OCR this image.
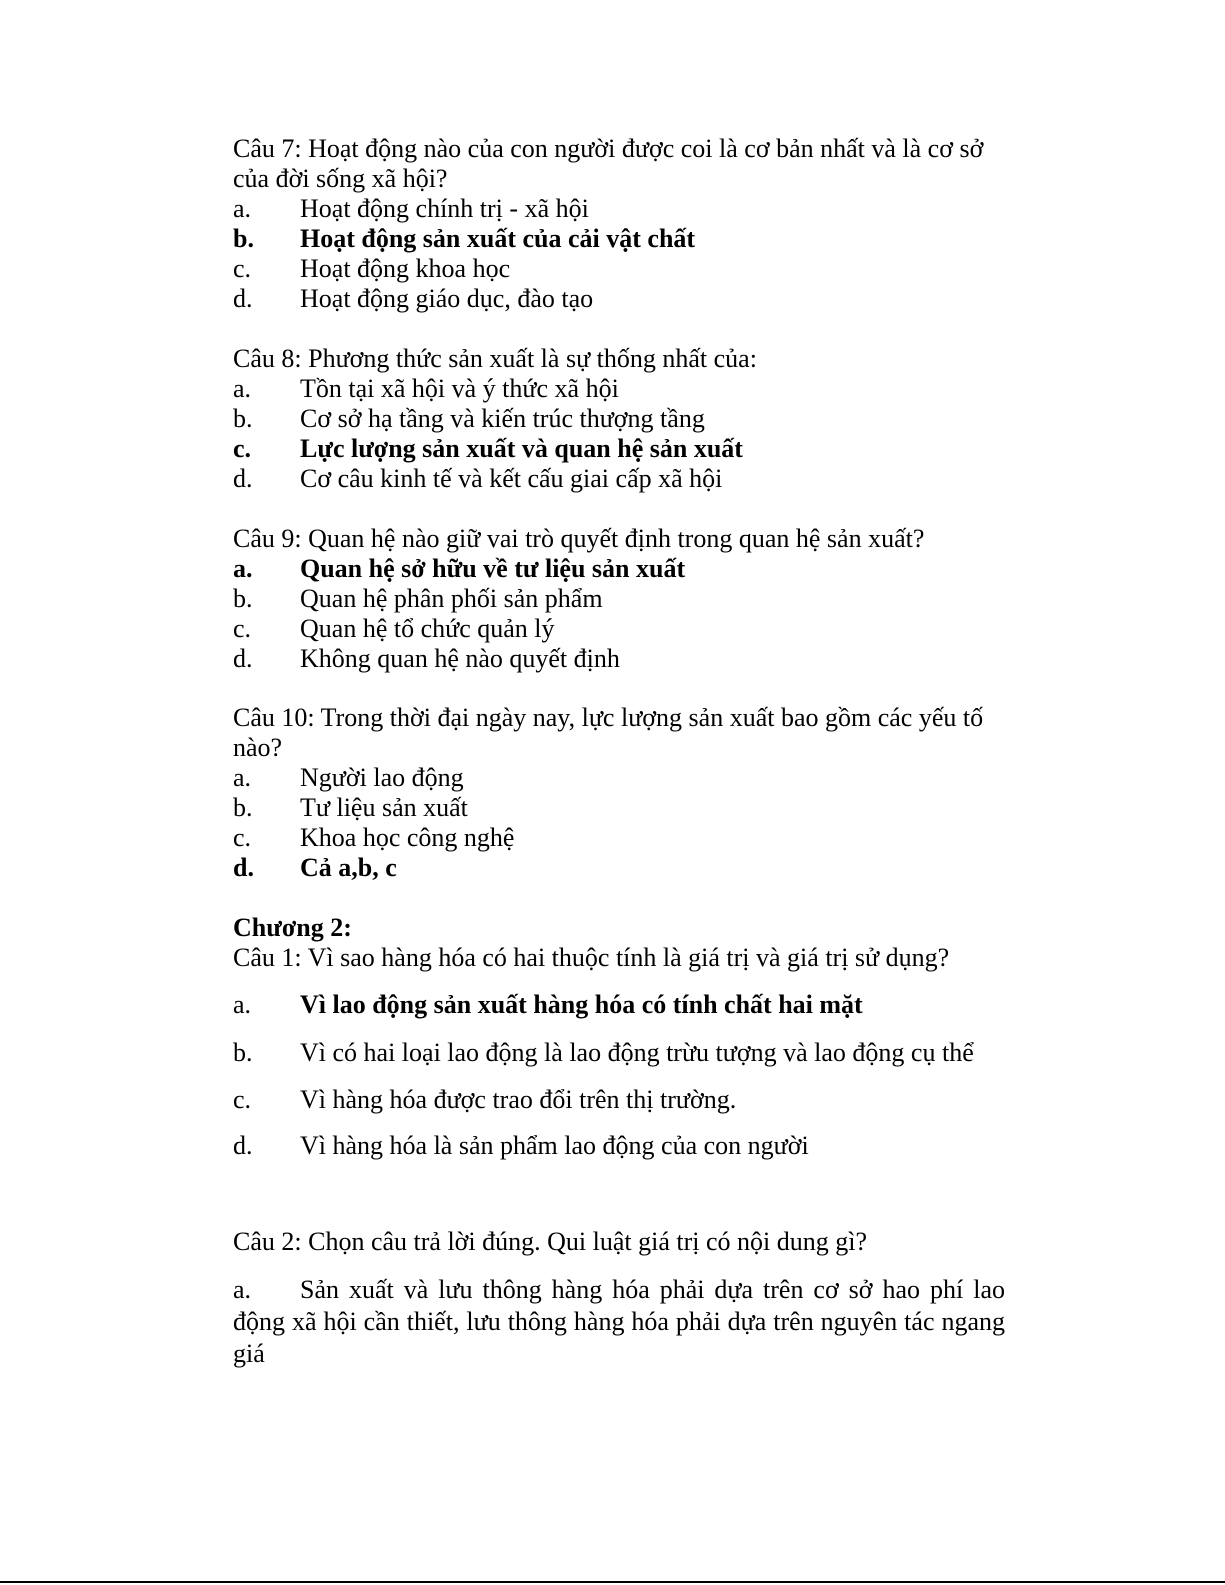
Câu 7: Hoạt động nào của con người được coi là cơ bản nhất và là cơ sở của đời sống xã hội?
a.	Hoạt động chính trị - xã hội
b.	Hoạt động sản xuất của cải vật chất
c.	Hoạt động khoa học
d.	Hoạt động giáo dục, đào tạo
Câu 8: Phương thức sản xuất là sự thống nhất của:
a.	Tồn tại xã hội và ý thức xã hội
b.	Cơ sở hạ tầng và kiến trúc thượng tầng
c.	Lực lượng sản xuất và quan hệ sản xuất
d.	Cơ câu kinh tế và kết cấu giai cấp xã hội
Câu 9: Quan hệ nào giữ vai trò quyết định trong quan hệ sản xuất?
a.	Quan hệ sở hữu về tư liệu sản xuất
b.	Quan hệ phân phối sản phẩm
c.	Quan hệ tổ chức quản lý
d.	Không quan hệ nào quyết định
Câu 10: Trong thời đại ngày nay, lực lượng sản xuất bao gồm các yếu tố nào?
a.	Người lao động
b.	Tư liệu sản xuất
c.	Khoa học công nghệ
d.	Cả a,b, c
Chương 2:
Câu 1: Vì sao hàng hóa có hai thuộc tính là giá trị và giá trị sử dụng?
a.	Vì lao động sản xuất hàng hóa có tính chất hai mặt
b.	Vì có hai loại lao động là lao động trừu tượng và lao động cụ thể
c.	Vì hàng hóa được trao đổi trên thị trường.
d.	Vì hàng hóa là sản phẩm lao động của con người
Câu 2: Chọn câu trả lời đúng. Qui luật giá trị có nội dung gì?
a. Sản xuất và lưu thông hàng hóa phải dựa trên cơ sở hao phí lao động xã hội cần thiết, lưu thông hàng hóa phải dựa trên nguyên tác ngang giá
